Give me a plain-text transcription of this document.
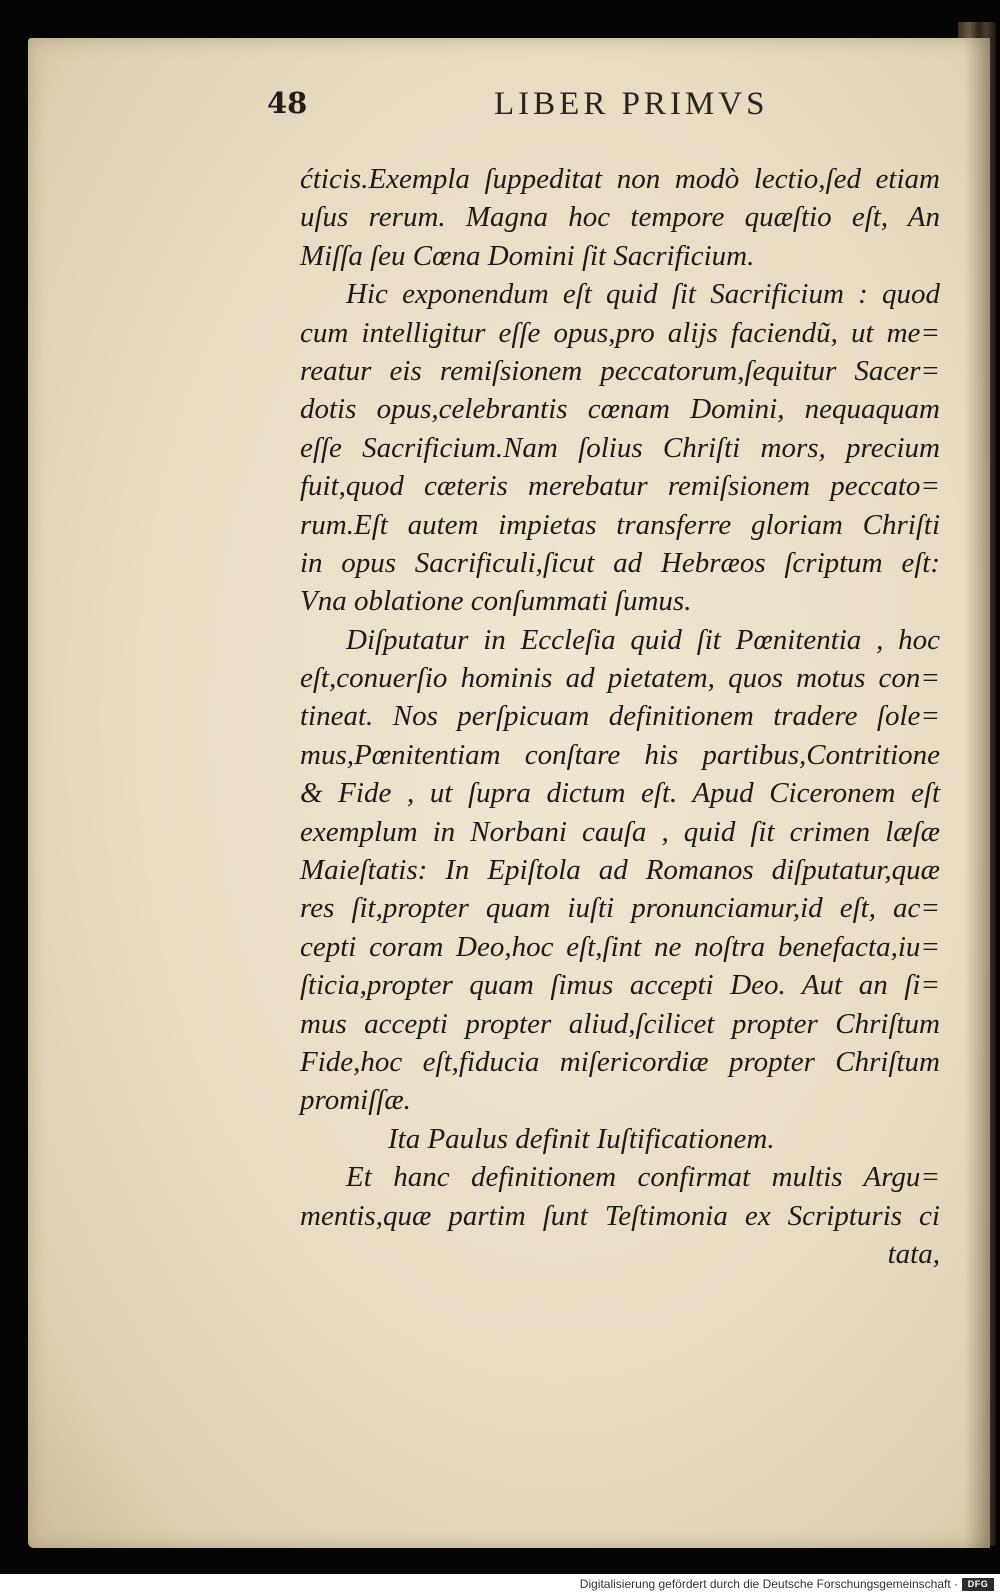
48	LIBER PRIMVS
ćticis.Exempla ſuppeditat non modò lectio,ſed etiam
uſus rerum. Magna hoc tempore quæſtio eſt, An
Miſſa ſeu Cœna Domini ſit Sacrificium.
Hic exponendum eſt quid ſit Sacrificium : quod
cum intelligitur eſſe opus,pro alijs faciendũ, ut me=
reatur eis remiſsionem peccatorum,ſequitur Sacer=
dotis opus,celebrantis cœnam Domini, nequaquam
eſſe Sacrificium.Nam ſolius Chriſti mors, precium
fuit,quod cæteris merebatur remiſsionem peccato=
rum.Eſt autem impietas transferre gloriam Chriſti
in opus Sacrificuli,ſicut ad Hebræos ſcriptum eſt:
Vna oblatione conſummati ſumus.
Diſputatur in Eccleſia quid ſit Pœnitentia , hoc
eſt,conuerſio hominis ad pietatem, quos motus con=
tineat. Nos perſpicuam definitionem tradere ſole=
mus,Pœnitentiam conſtare his partibus,Contritione
& Fide , ut ſupra dictum eſt. Apud Ciceronem eſt
exemplum in Norbani cauſa , quid ſit crimen læſæ
Maieſtatis: In Epiſtola ad Romanos diſputatur,quæ
res ſit,propter quam iuſti pronunciamur,id eſt, ac=
cepti coram Deo,hoc eſt,ſint ne noſtra benefacta,iu=
ſticia,propter quam ſimus accepti Deo. Aut an ſi=
mus accepti propter aliud,ſcilicet propter Chriſtum
Fide,hoc eſt,fiducia miſericordiæ propter Chriſtum
promiſſæ.
Ita Paulus definit Iuſtificationem.
Et hanc definitionem confirmat multis Argu=
mentis,quæ partim ſunt Teſtimonia ex Scripturis ci
tata,
Digitalisierung gefördert durch die Deutsche Forschungsgemeinschaft ·	DFG
